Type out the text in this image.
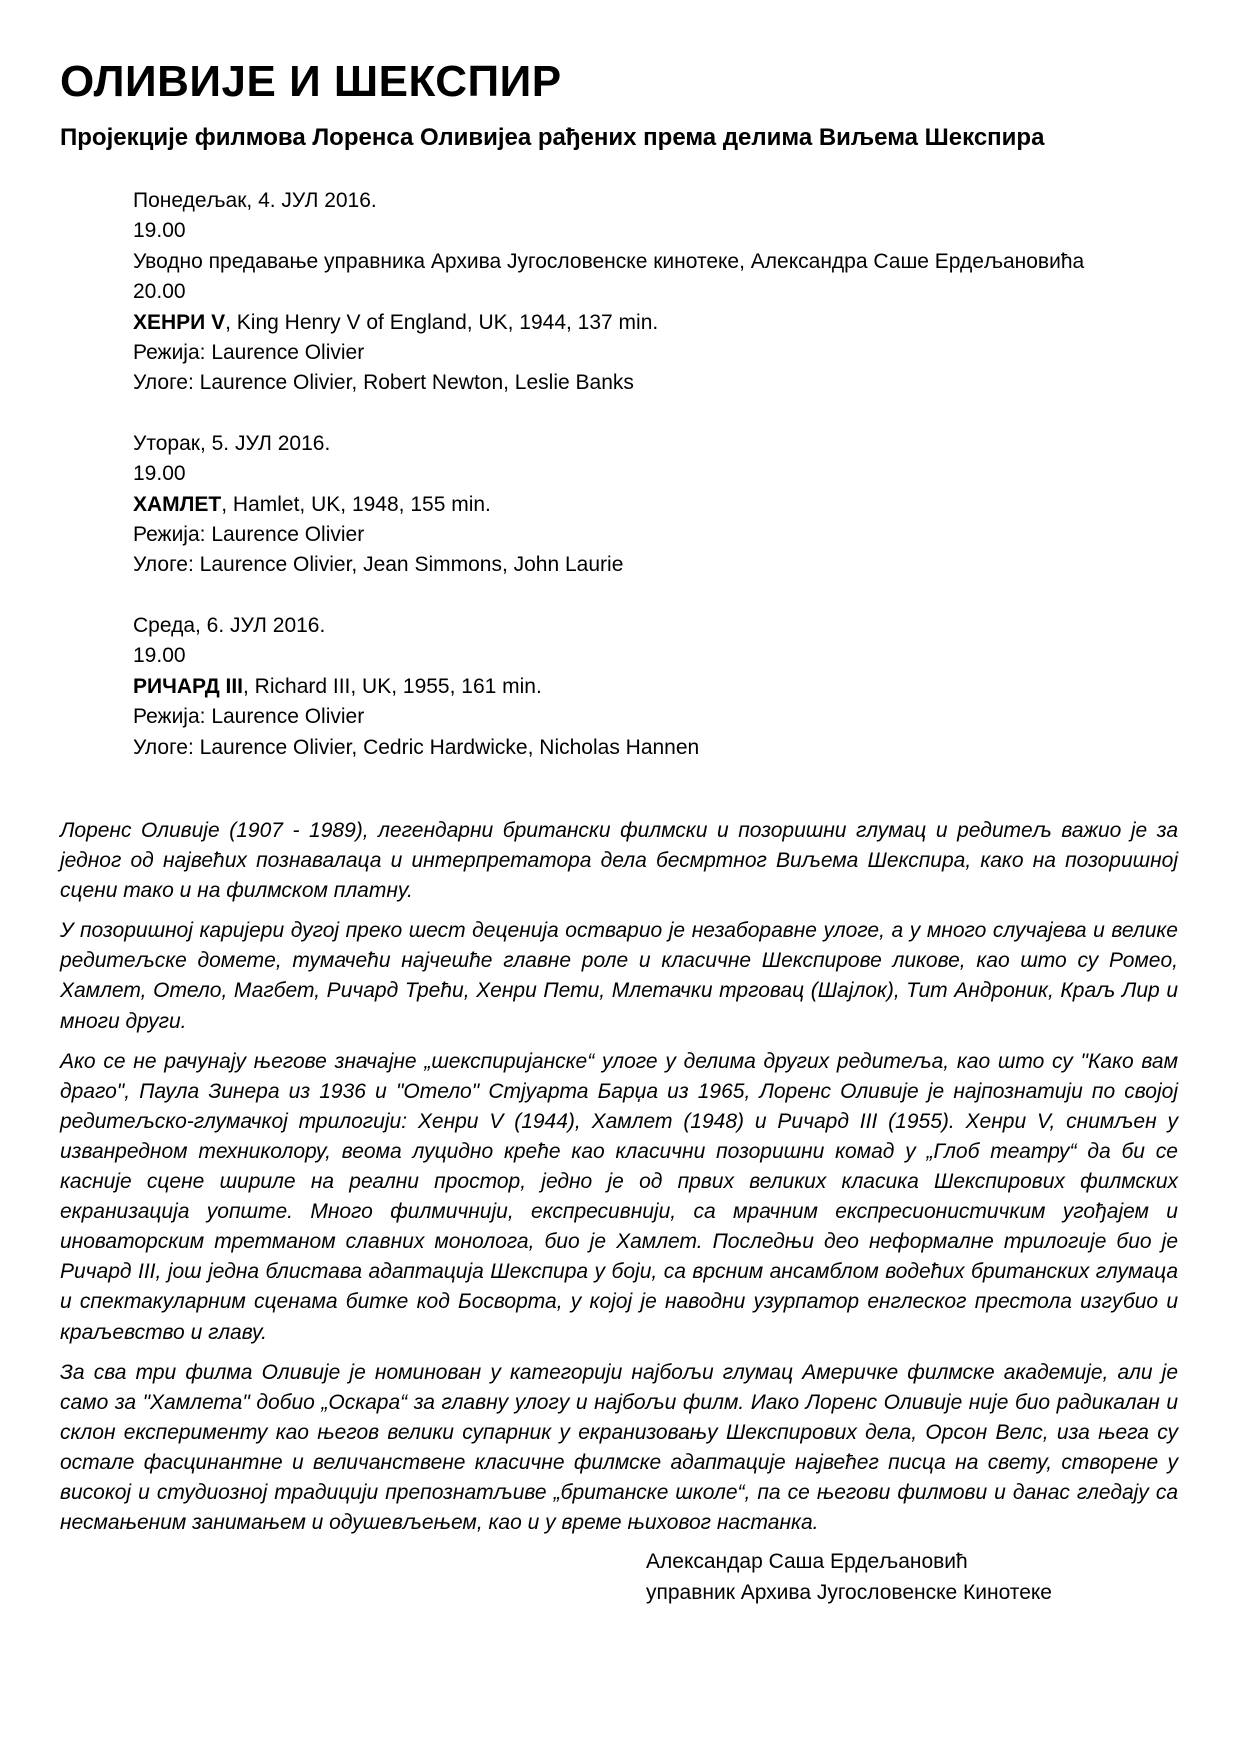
ОЛИВИЈЕ И ШЕКСПИР
Пројекције филмова Лоренса Оливијеа рађених према делима Виљема Шекспира
Понедељак, 4. ЈУЛ 2016.
19.00
Уводно предавање управника Архива Југословенске кинотеке, Александра Саше Ердељановића
20.00
ХЕНРИ V, King Henry V of England, UK, 1944, 137 min.
Режија: Laurence Olivier
Улоге: Laurence Olivier, Robert Newton, Leslie Banks
Уторак, 5. ЈУЛ 2016.
19.00
ХАМЛЕТ, Hamlet, UK, 1948, 155 min.
Режија: Laurence Olivier
Улоге: Laurence Olivier, Jean Simmons, John Laurie
Среда, 6. ЈУЛ 2016.
19.00
РИЧАРД III, Richard III, UK, 1955, 161 min.
Режија: Laurence Olivier
Улоге: Laurence Olivier, Cedric Hardwicke, Nicholas Hannen

Лоренс Оливије (1907 - 1989), легендарни британски филмски и позоришни глумац и редитељ важио је за једног од највећих познавалаца и интерпретатора дела бесмртног Виљема Шекспира, како на позоришној сцени тако и на филмском платну.

У позоришној каријери дугој преко шест деценија остварио је незаборавне улоге, а у много случајева и велике редитељске домете, тумачећи најчешће главне роле и класичне Шекспирове ликове, као што су Ромео, Хамлет, Отело, Магбет, Ричард Трећи, Хенри Пети, Млетачки трговац (Шајлок), Тит Андроник, Краљ Лир и многи други.

Ако се не рачунају његове значајне „шекспиријанске“ улоге у делима других редитеља, као што су "Како вам драго", Паула Зинера из 1936 и "Отело" Стјуарта Барџа из 1965, Лоренс Оливије је најпознатији по својој редитељско-глумачкој трилогији: Хенри V (1944), Хамлет (1948) и Ричард III (1955). Хенри V, снимљен у изванредном техниколору, веома луцидно креће као класични позоришни комад у „Глоб театру“ да би се касније сцене шириле на реални простор, једно је од првих великих класика Шекспирових филмских екранизација уопште. Много филмичнији, експресивнији, са мрачним експресионистичким угођајем и иноваторским третманом славних монолога, био је Хамлет. Последњи део неформалне трилогије био је Ричард III, још једна блистава адаптација Шекспира у боји, са врсним ансамблом водећих британских глумаца и спектакуларним сценама битке код Босворта, у којој је наводни узурпатор енглеског престола изгубио и краљевство и главу.

За сва три филма Оливије је номинован у категорији најбољи глумац Америчке филмске академије, али је само за "Хамлета" добио „Оскара“ за главну улогу и најбољи филм. Иако Лоренс Оливије није био радикалан и склон експерименту као његов велики супарник у екранизовању Шекспирових дела, Орсон Велс, иза њега су остале фасцинантне и величанствене класичне филмске адаптације највећег писца на свету, створене у високој и студиозној традицији препознатљиве „британске школе“, па се његови филмови и данас гледају са несмањеним занимањем и одушевљењем, као и у време њиховог настанка.

Александар Саша Ердељановић
управник Архива Југословенске Кинотеке
